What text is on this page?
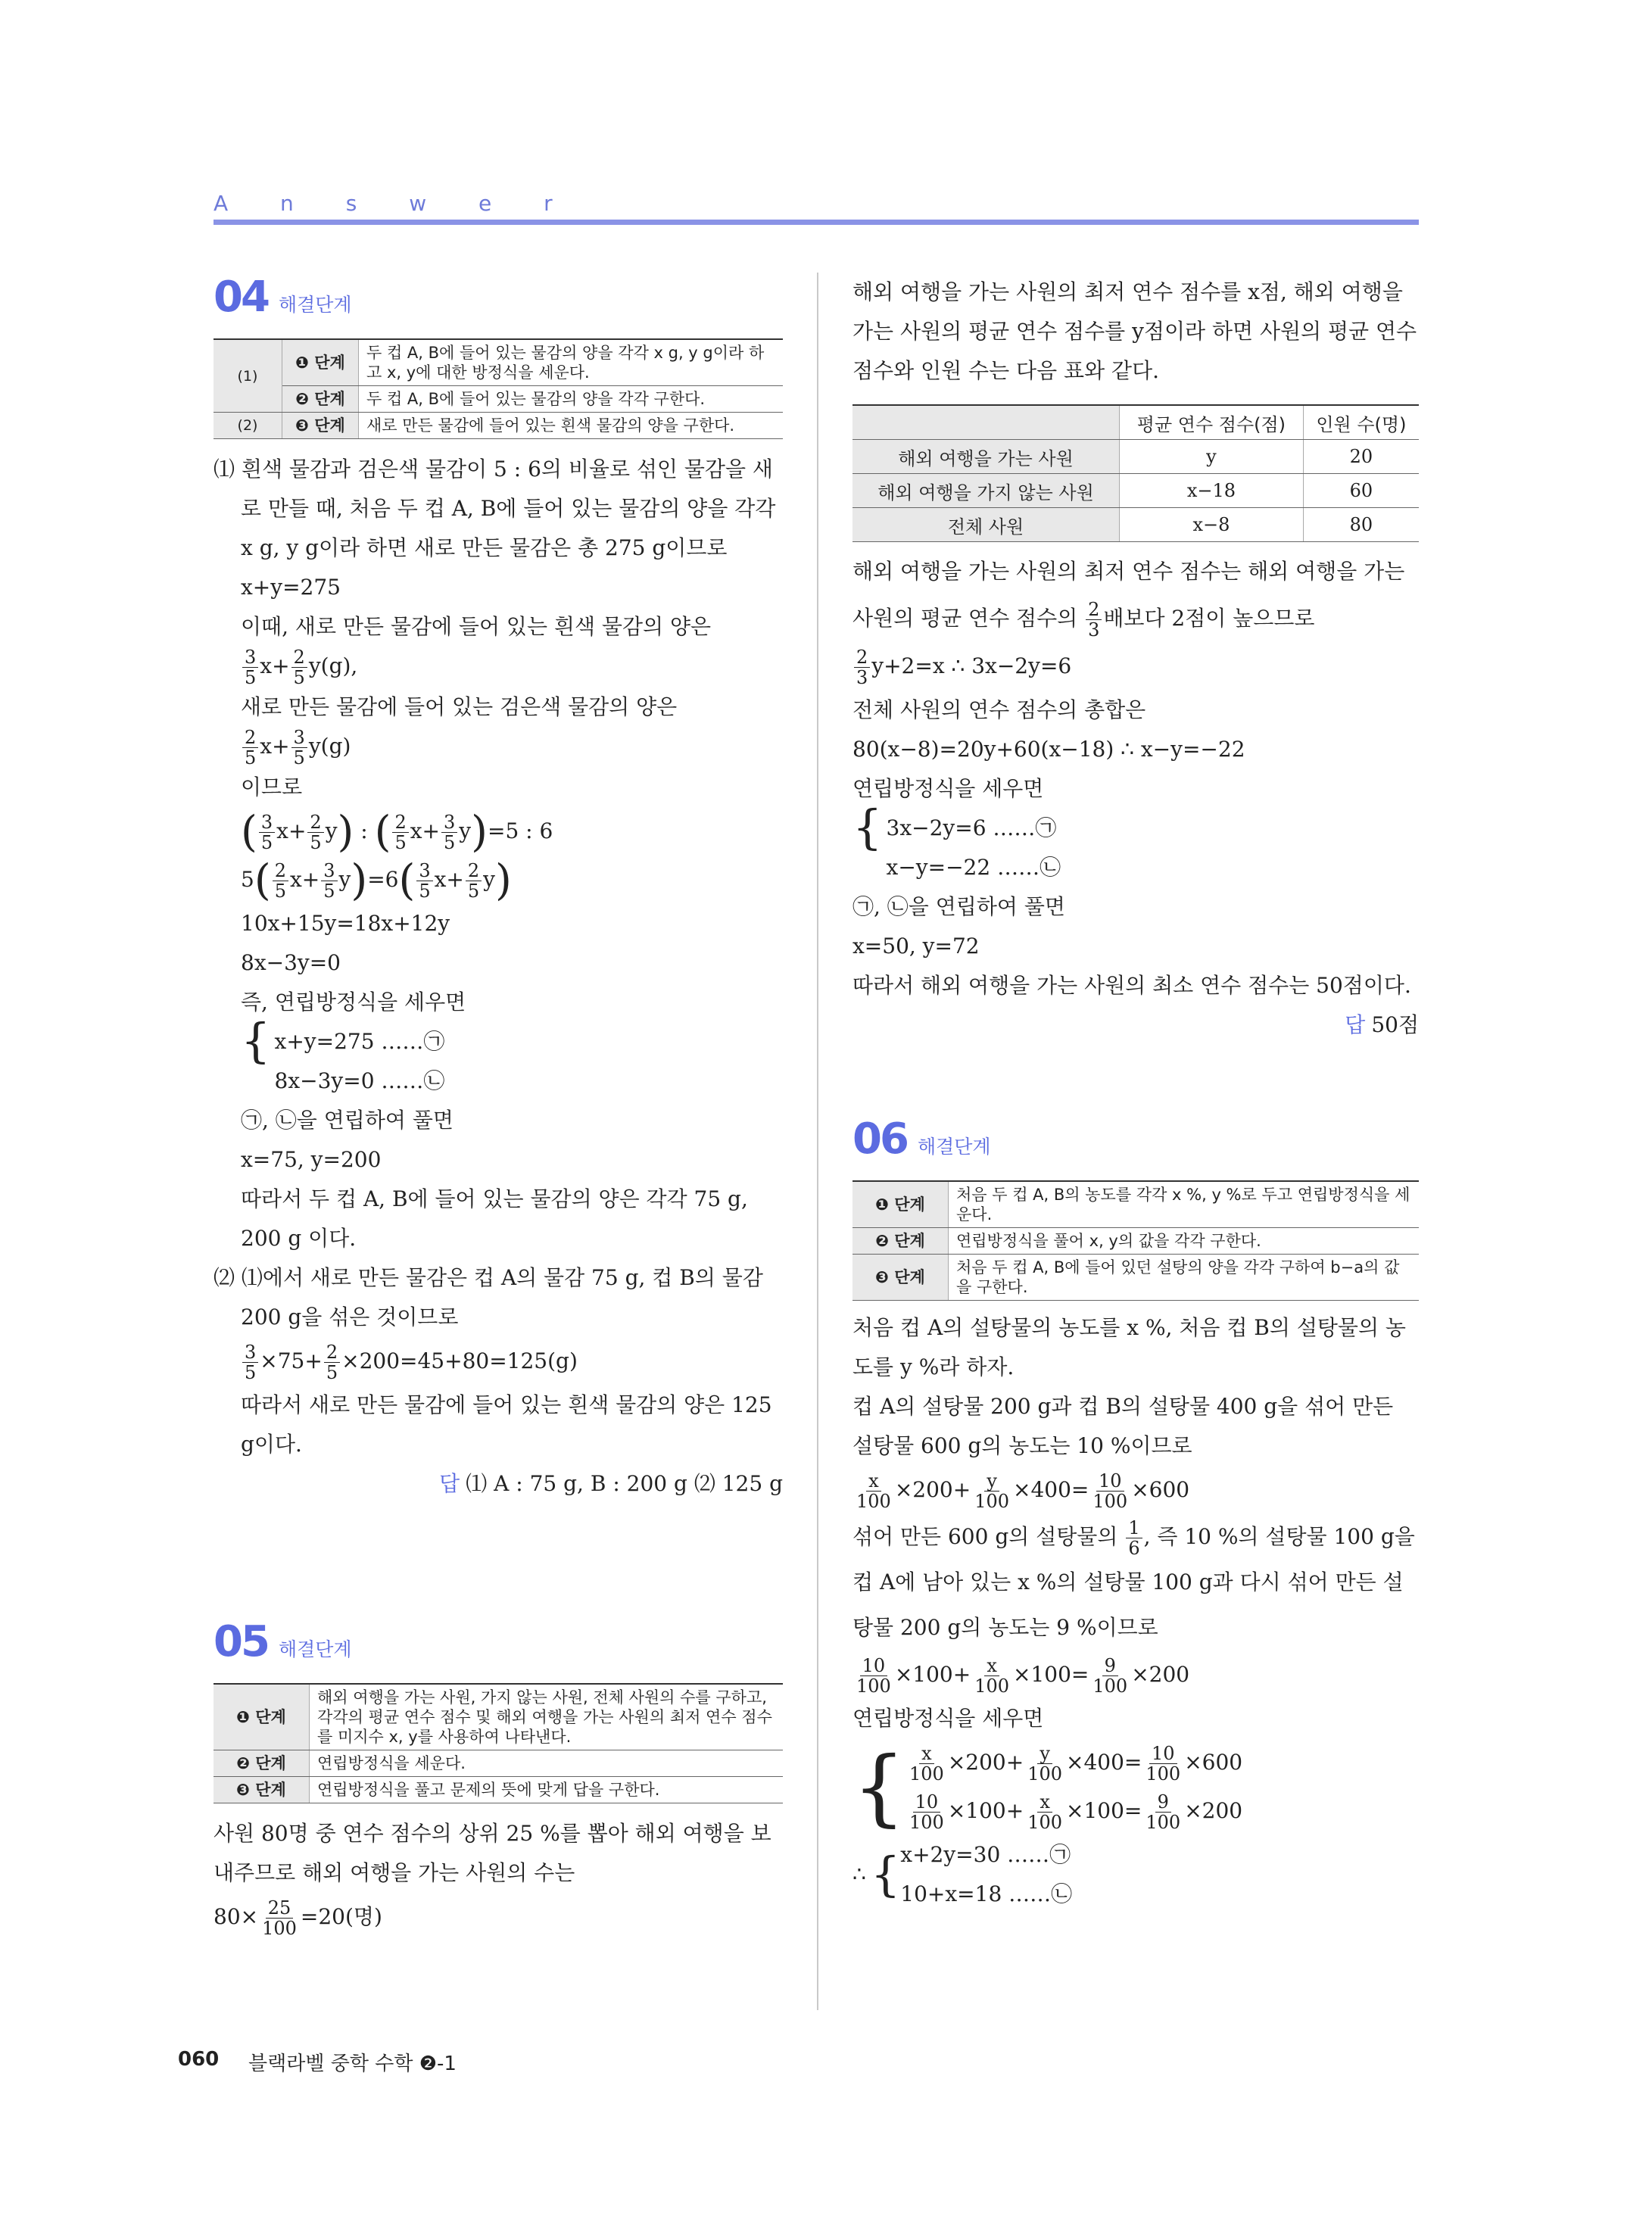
A n s w e r
04 해결단계
(1)	❶ 단계	두 컵 A, B에 들어 있는 물감의 양을 각각 x g, y g이라 하고 x, y에 대한 방정식을 세운다.
	❷ 단계	두 컵 A, B에 들어 있는 물감의 양을 각각 구한다.
(2)	❸ 단계	새로 만든 물감에 들어 있는 흰색 물감의 양을 구한다.

⑴ 흰색 물감과 검은색 물감이 5 : 6의 비율로 섞인 물감을 새로 만들 때, 처음 두 컵 A, B에 들어 있는 물감의 양을 각각 x g, y g이라 하면 새로 만든 물감은 총 275 g이므로

x+y=275

이때, 새로 만든 물감에 들어 있는 흰색 물감의 양은

$\frac{3}{5} x+ \frac{2}{5} y(g)$,

새로 만든 물감에 들어 있는 검은색 물감의 양은

$\frac{2}{5} x+ \frac{3}{5} y(g)$

이므로

( $\frac{3}{5} x+ \frac{2}{5} y$) : ( $\frac{2}{5} x+ \frac{3}{5} y)=5$ : 6

$5( \frac{2}{5} x+ \frac{3}{5} y)=6( \frac{3}{5} x+ \frac{2}{5} y)$

10x+15y=18x+12y

8x−3y=0

즉, 연립방정식을 세우면

{ x+y=275 ……㉠

8x−3y=0 ……㉡

㉠, ㉡을 연립하여 풀면

x=75, y=200

따라서 두 컵 A, B에 들어 있는 물감의 양은 각각 75 g, 200 g 이다.

⑵ ⑴에서 새로 만든 물감은 컵 A의 물감 75 g, 컵 B의 물감 200 g을 섞은 것이므로

$\frac{3}{5} \times 75+ \frac{2}{5} \times 200=45+80=125(g)$

따라서 새로 만든 물감에 들어 있는 흰색 물감의 양은 125 g이다.

답 ⑴ A : 75 g, B : 200 g ⑵ 125 g

05 해결단계
❶ 단계	해외 여행을 가는 사원, 가지 않는 사원, 전체 사원의 수를 구하고, 각각의 평균 연수 점수 및 해외 여행을 가는 사원의 최저 연수 점수를 미지수 x, y를 사용하여 나타낸다.
❷ 단계	연립방정식을 세운다.
❸ 단계	연립방정식을 풀고 문제의 뜻에 맞게 답을 구한다.

사원 80명 중 연수 점수의 상위 25 %를 뽑아 해외 여행을 보내주므로 해외 여행을 가는 사원의 수는

$80\times \frac{25}{100} =20$(명)

해외 여행을 가는 사원의 최저 연수 점수를 x점, 해외 여행을 가는 사원의 평균 연수 점수를 y점이라 하면 사원의 평균 연수 점수와 인원 수는 다음 표와 같다.

	평균 연수 점수(점)	인원 수(명)
해외 여행을 가는 사원	y	20
해외 여행을 가지 않는 사원	x−18	60
전체 사원	x−8	80

해외 여행을 가는 사원의 최저 연수 점수는 해외 여행을 가는 사원의 평균 연수 점수의 $\frac{2}{3}$ 배보다 2점이 높으므로

$\frac{2}{3} y+2=x$ ∴ 3x−2y=6

전체 사원의 연수 점수의 총합은

80(x−8)=20y+60(x−18) ∴ x−y=−22

연립방정식을 세우면

{ 3x−2y=6 ……㉠

x−y=−22 ……㉡

㉠, ㉡을 연립하여 풀면

x=50, y=72

따라서 해외 여행을 가는 사원의 최소 연수 점수는 50점이다.

답 50점

06 해결단계
❶ 단계	처음 두 컵 A, B의 농도를 각각 x %, y %로 두고 연립방정식을 세운다.
❷ 단계	연립방정식을 풀어 x, y의 값을 각각 구한다.
❸ 단계	처음 두 컵 A, B에 들어 있던 설탕의 양을 각각 구하여 b−a의 값을 구한다.

처음 컵 A의 설탕물의 농도를 x %, 처음 컵 B의 설탕물의 농도를 y %라 하자.

컵 A의 설탕물 200 g과 컵 B의 설탕물 400 g을 섞어 만든 설탕물 600 g의 농도는 10 %이므로

$\frac{x}{100} \times 200+ \frac{y}{100} \times 400= \frac{10}{100} \times 600$

섞어 만든 600 g의 설탕물의 $\frac{1}{6}$ , 즉 10 %의 설탕물 100 g을 컵 A에 남아 있는 x %의 설탕물 100 g과 다시 섞어 만든 설탕물 200 g의 농도는 9 %이므로

$\frac{10}{100} \times 100+ \frac{x}{100} \times 100= \frac{9}{100} \times 200$

연립방정식을 세우면

{ $\frac{x}{100} \times 200+ \frac{y}{100} \times 400= \frac{10}{100} \times 600$

$\frac{10}{100} \times 100+ \frac{x}{100} \times 100= \frac{9}{100} \times 200$

∴ { x+2y=30 ……㉠

10+x=18 ……㉡

060 블랙라벨 중학 수학 ❷-1
